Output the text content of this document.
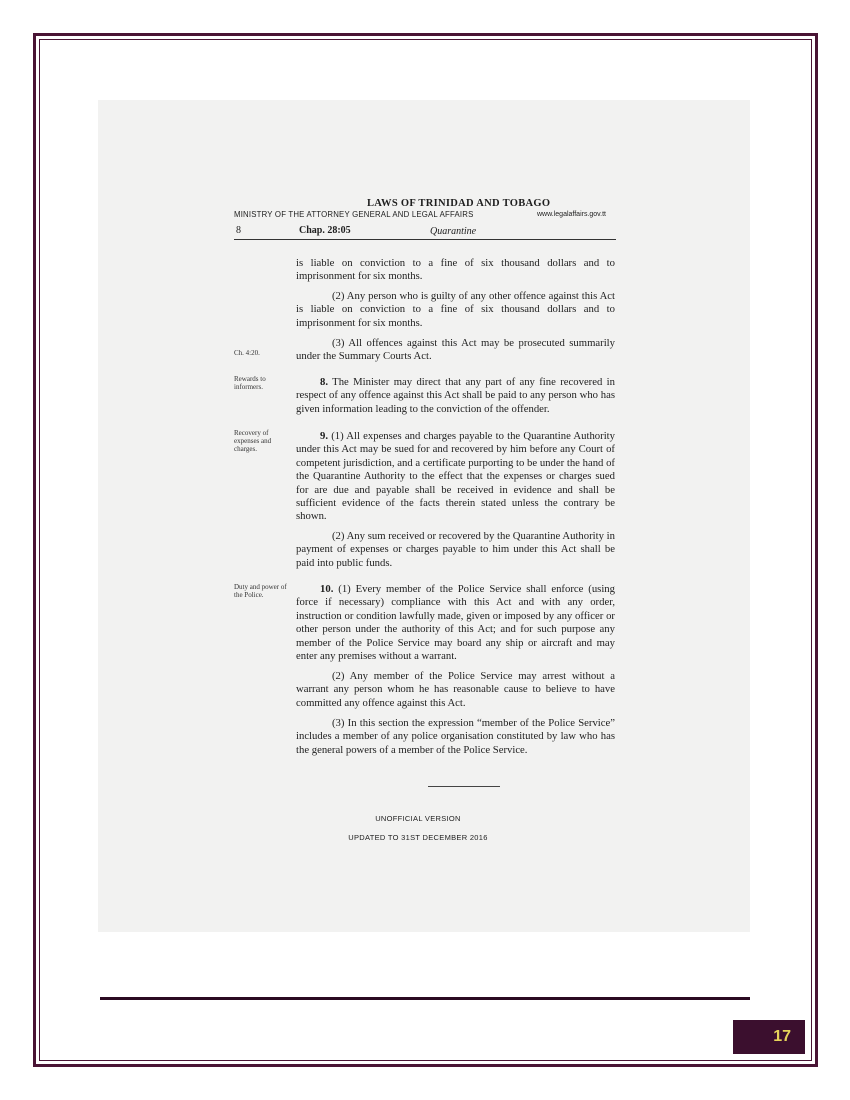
LAWS OF TRINIDAD AND TOBAGO
MINISTRY OF THE ATTORNEY GENERAL AND LEGAL AFFAIRS	www.legalaffairs.gov.tt
8	Chap. 28:05	Quarantine
is liable on conviction to a fine of six thousand dollars and to imprisonment for six months.
(2) Any person who is guilty of any other offence against this Act is liable on conviction to a fine of six thousand dollars and to imprisonment for six months.
Ch. 4:20.
(3) All offences against this Act may be prosecuted summarily under the Summary Courts Act.
Rewards to informers.	8. The Minister may direct that any part of any fine recovered in respect of any offence against this Act shall be paid to any person who has given information leading to the conviction of the offender.
Recovery of expenses and charges.
9. (1) All expenses and charges payable to the Quarantine Authority under this Act may be sued for and recovered by him before any Court of competent jurisdiction, and a certificate purporting to be under the hand of the Quarantine Authority to the effect that the expenses or charges sued for are due and payable shall be received in evidence and shall be sufficient evidence of the facts therein stated unless the contrary be shown.
(2) Any sum received or recovered by the Quarantine Authority in payment of expenses or charges payable to him under this Act shall be paid into public funds.
Duty and power of the Police.	10. (1) Every member of the Police Service shall enforce (using force if necessary) compliance with this Act and with any order, instruction or condition lawfully made, given or imposed by any officer or other person under the authority of this Act; and for such purpose any member of the Police Service may board any ship or aircraft and may enter any premises without a warrant.
(2) Any member of the Police Service may arrest without a warrant any person whom he has reasonable cause to believe to have committed any offence against this Act.
(3) In this section the expression “member of the Police Service” includes a member of any police organisation constituted by law who has the general powers of a member of the Police Service.
UNOFFICIAL VERSION
UPDATED TO 31ST DECEMBER 2016
17
